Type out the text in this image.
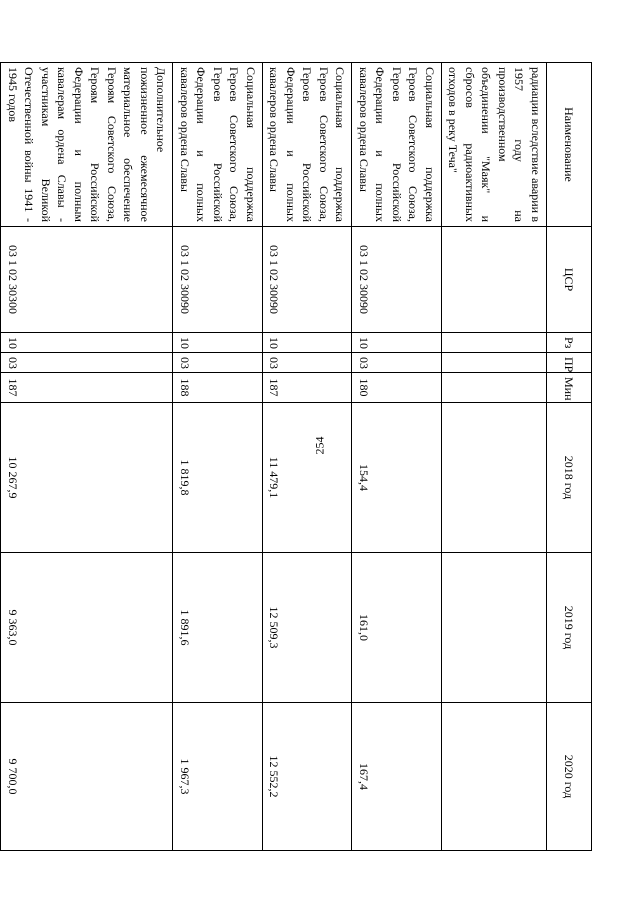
254
Наименование	ЦСР	Рз	ПР	Мин	2018 год	2019 год	2020 год
радиации вследствие аварии в 1957 году на производственном объединении "Маяк" и сбросов радиоактивных отходов в реку Теча"							
Социальная поддержка Героев Советского Союза, Героев Российской Федерации и полных кавалеров ордена Славы	03 1 02 30090	10	03	180	154,4	161,0	167,4
Социальная поддержка Героев Советского Союза, Героев Российской Федерации и полных кавалеров ордена Славы	03 1 02 30090	10	03	187	11 479,1	12 509,3	12 552,2
Социальная поддержка Героев Советского Союза, Героев Российской Федерации и полных кавалеров ордена Славы	03 1 02 30090	10	03	188	1 819,8	1 891,6	1 967,3
Дополнительное пожизненное ежемесячное материальное обеспечение Героям Советского Союза, Героям Российской Федерации и полным кавалерам ордена Славы - участникам Великой Отечественной войны 1941 - 1945 годов	03 1 02 30300	10	03	187	10 267,9	9 363,0	9 700,0
